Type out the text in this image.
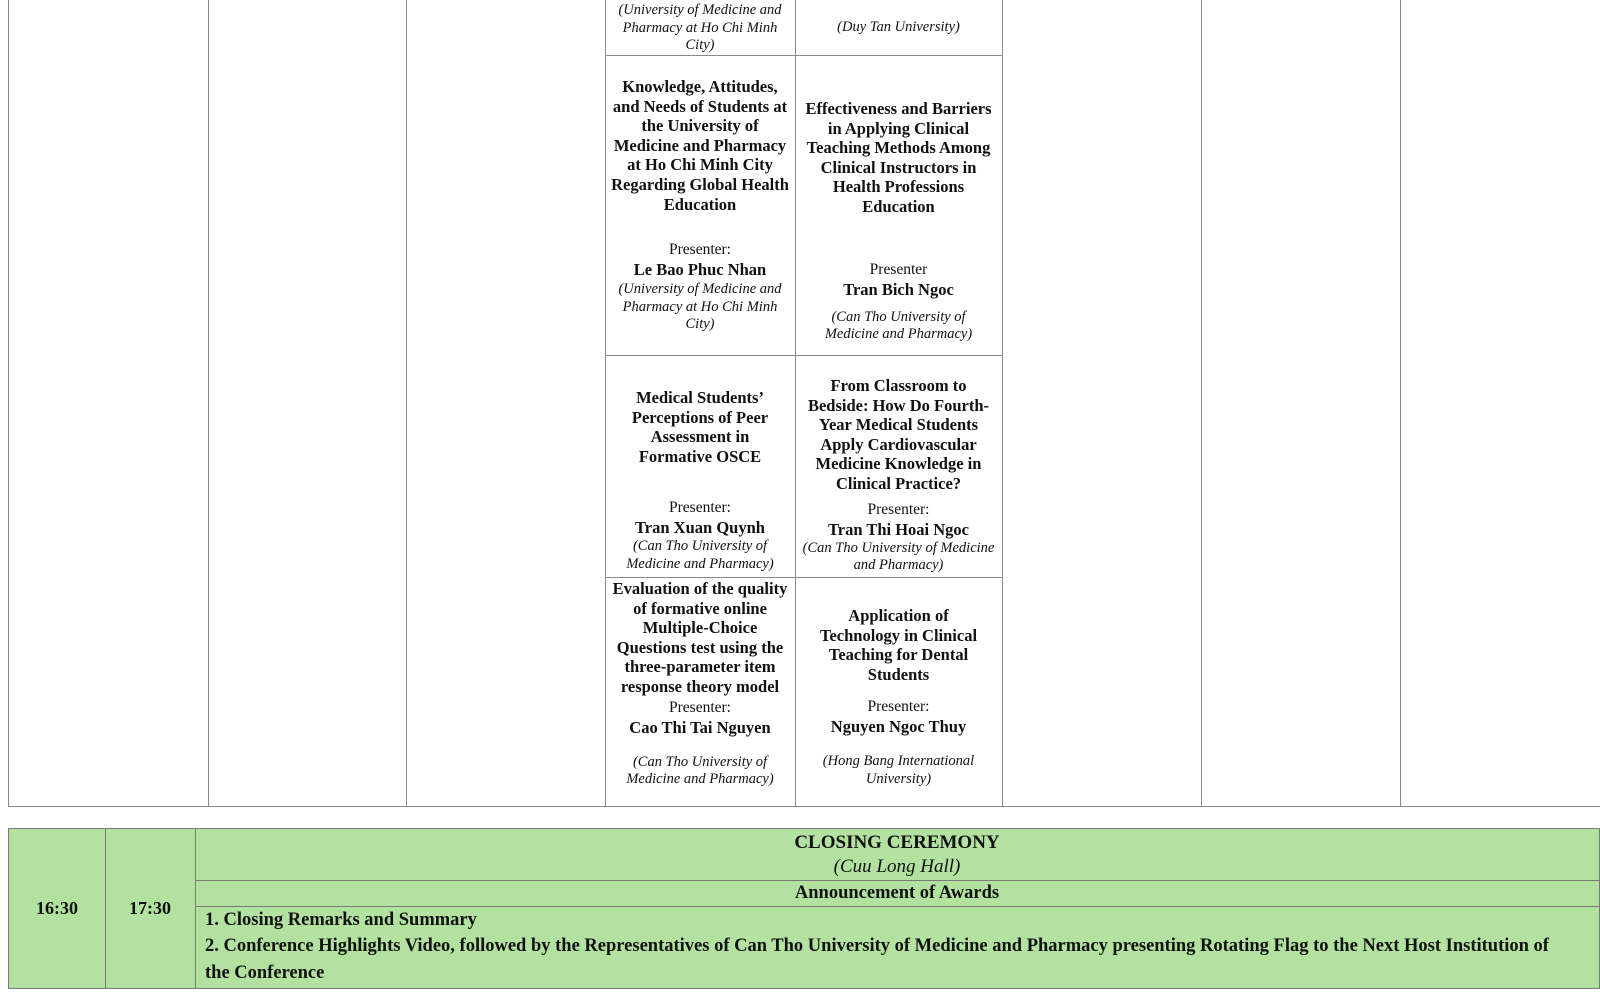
(University of Medicine and Pharmacy at Ho Chi Minh City)
Knowledge, Attitudes, and Needs of Students at the University of Medicine and Pharmacy at Ho Chi Minh City Regarding Global Health Education
Presenter:
Le Bao Phuc Nhan
(University of Medicine and Pharmacy at Ho Chi Minh City)
Medical Students’ Perceptions of Peer Assessment in Formative OSCE
Presenter:
Tran Xuan Quynh
(Can Tho University of Medicine and Pharmacy)
Evaluation of the quality of formative online Multiple-Choice Questions test using the three-parameter item response theory model
Presenter:
Cao Thi Tai Nguyen
(Can Tho University of Medicine and Pharmacy)
(Duy Tan University)
Effectiveness and Barriers in Applying Clinical Teaching Methods Among Clinical Instructors in Health Professions Education
Presenter
Tran Bich Ngoc
(Can Tho University of Medicine and Pharmacy)
From Classroom to Bedside: How Do Fourth-Year Medical Students Apply Cardiovascular Medicine Knowledge in Clinical Practice?
Presenter:
Tran Thi Hoai Ngoc
(Can Tho University of Medicine and Pharmacy)
Application of Technology in Clinical Teaching for Dental Students
Presenter:
Nguyen Ngoc Thuy
(Hong Bang International University)
16:30	17:30
CLOSING CEREMONY
(Cuu Long Hall)
Announcement of Awards
1. Closing Remarks and Summary
2. Conference Highlights Video, followed by the Representatives of Can Tho University of Medicine and Pharmacy presenting Rotating Flag to the Next Host Institution of the Conference
